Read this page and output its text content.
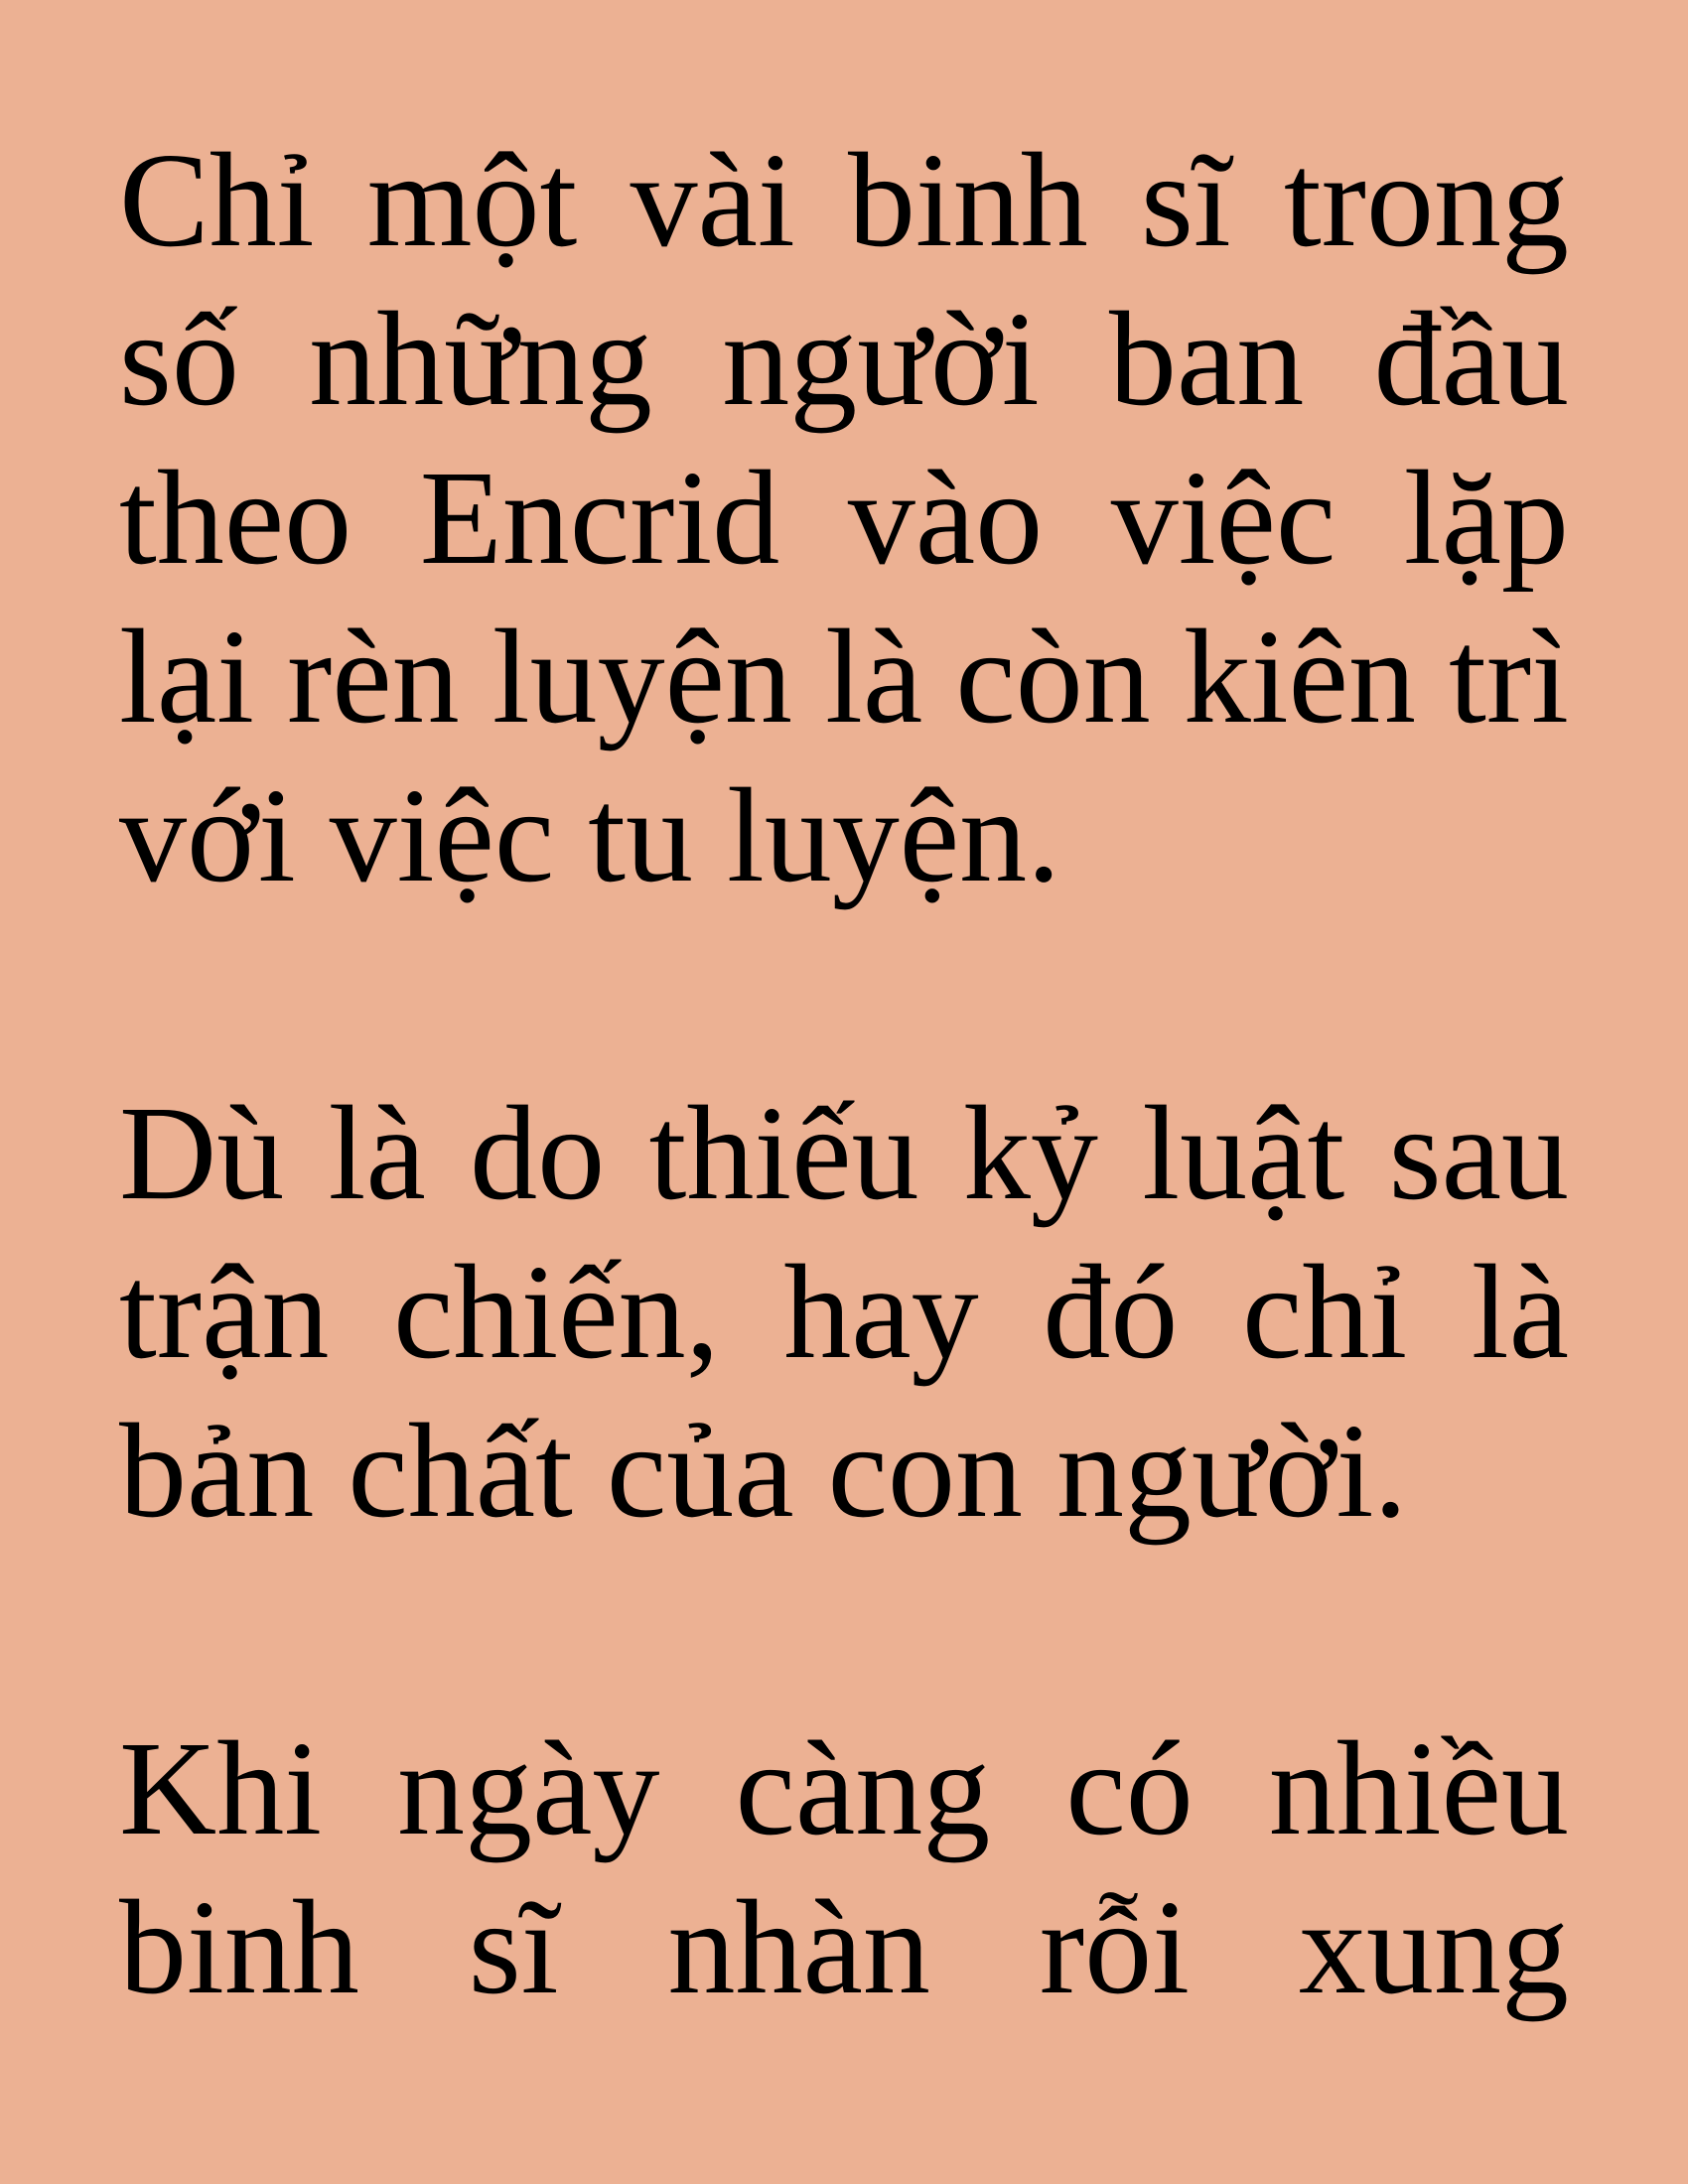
Chỉ một vài binh sĩ trong
số những người ban đầu
theo Encrid vào việc lặp
lại rèn luyện là còn kiên trì
với việc tu luyện.
Dù là do thiếu kỷ luật sau
trận chiến, hay đó chỉ là
bản chất của con người.
Khi ngày càng có nhiều
binh sĩ nhàn rỗi xung
